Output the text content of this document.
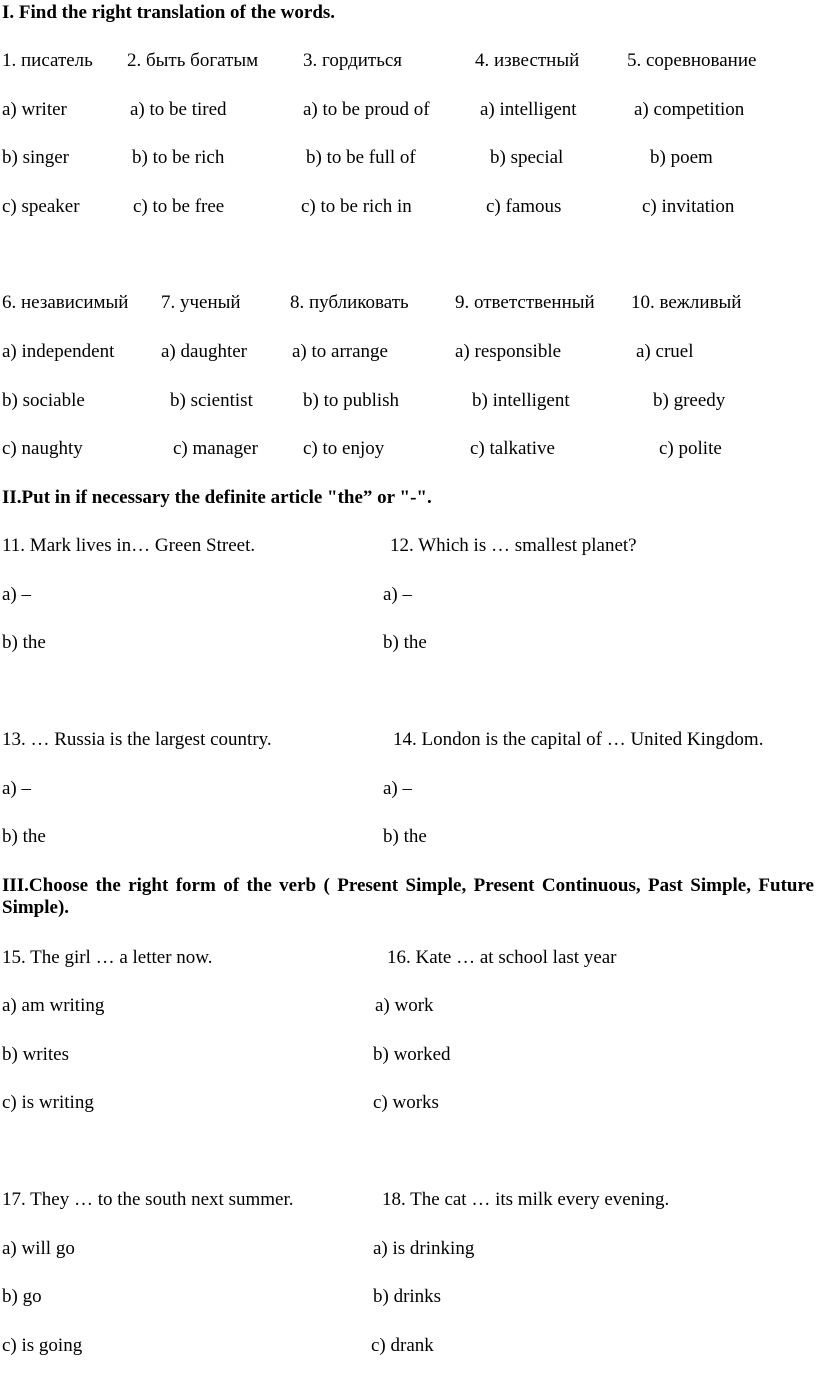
I. Find the right translation of the words.
1. писатель 2. быть богатым 3. гордиться	4. известный	5. соревнование
a) writer	a) to be tired	a) to be proud of	a) intelligent	a) competition
b) singer	b) to be rich	b) to be full of	b) special	b) poem
c) speaker	c) to be free	c) to be rich in	c) famous	c) invitation
6. независимый 7. ученый	8. публиковать 9. ответственный 10. вежливый
a) independent a) daughter a) to arrange	a) responsible	a) cruel
b) sociable	b) scientist	b) to publish	b) intelligent	b) greedy
c) naughty	c) manager c) to enjoy	c) talkative	c) polite
II.Put in if necessary the definite article "the” or "-".
11. Mark lives in… Green Street.	12. Which is … smallest planet?
a) –	a) –
b) the	b) the
13. … Russia is the largest country.	14. London is the capital of … United Kingdom.
a) –	a) –
b) the	b) the
III.Choose the right form of the verb ( Present Simple, Present Continuous, Past Simple, Future Simple).
15. The girl … a letter now.	16. Kate … at school last year
a) am writing	a) work
b) writes	b) worked
c) is writing	c) works
17. They … to the south next summer.	18. The cat … its milk every evening.
a) will go	a) is drinking
b) go	b) drinks
c) is going	c) drank
